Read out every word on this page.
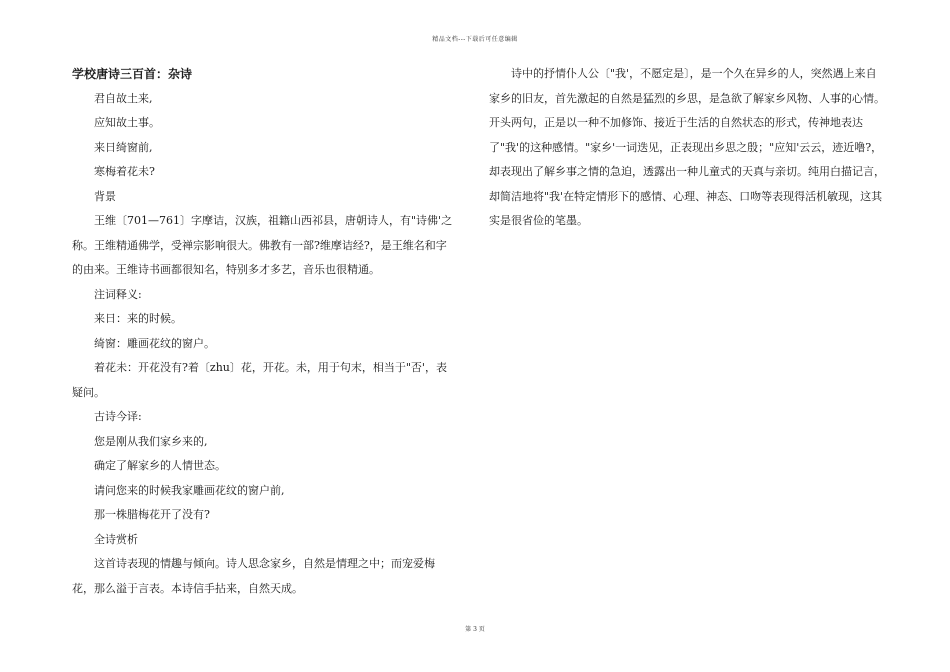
精品文档---下载后可任意编辑

学校唐诗三百首：杂诗

君自故土来,

应知故土事。

来日绮窗前,

寒梅着花未?

背景

王维〔701—761〕字摩诘，汉族，祖籍山西祁县，唐朝诗人，有"诗佛'之称。王维精通佛学，受禅宗影响很大。佛教有一部?维摩诘经?，是王维名和字的由来。王维诗书画都很知名，特别多才多艺，音乐也很精通。

注词释义:

来日：来的时候。

绮窗：雕画花纹的窗户。

着花未：开花没有?着〔zhu〕花，开花。未，用于句末，相当于"否'，表疑问。

古诗今译:

您是刚从我们家乡来的,

确定了解家乡的人情世态。

请问您来的时候我家雕画花纹的窗户前,

那一株腊梅花开了没有?

全诗赏析

这首诗表现的情趣与倾向。诗人思念家乡，自然是情理之中；而宠爱梅花，那么溢于言表。本诗信手拈来，自然天成。

诗中的抒情仆人公〔"我'，不愿定是〕，是一个久在异乡的人，突然遇上来自家乡的旧友，首先激起的自然是猛烈的乡思，是急欲了解家乡风物、人事的心情。开头两句，正是以一种不加修饰、接近于生活的自然状态的形式，传神地表达了"我'的这种感情。"家乡'一词迭见，正表现出乡思之殷；"应知'云云，迹近噜?，却表现出了解乡事之情的急迫，透露出一种儿童式的天真与亲切。纯用白描记言，却简洁地将"我'在特定情形下的感情、心理、神态、口吻等表现得活机敏现，这其实是很省俭的笔墨。

第 3 页
